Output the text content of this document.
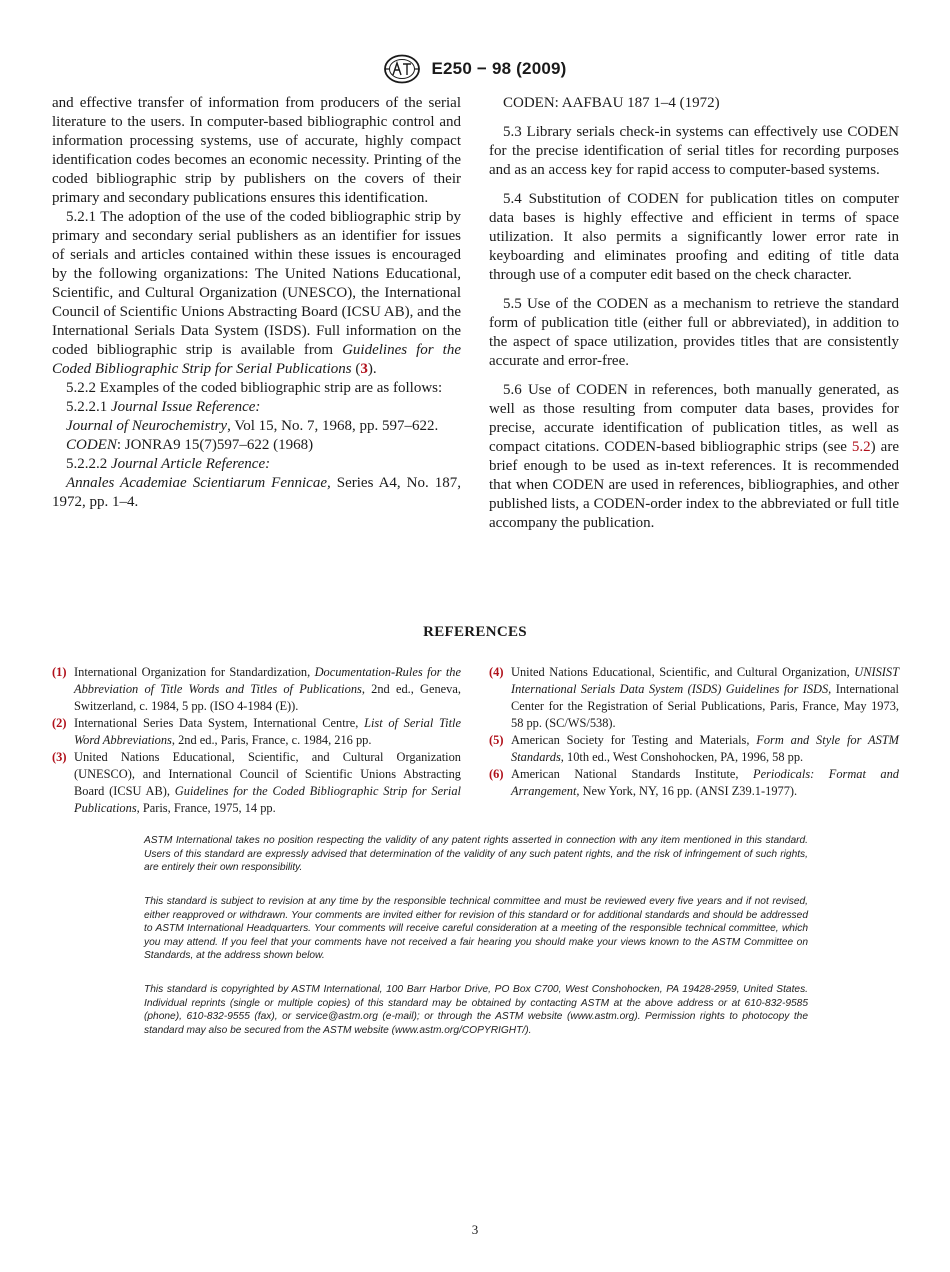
E250 − 98 (2009)

and effective transfer of information from producers of the serial literature to the users. In computer-based bibliographic control and information processing systems, use of accurate, highly compact identification codes becomes an economic necessity. Printing of the coded bibliographic strip by publishers on the covers of their primary and secondary publications ensures this identification.

5.2.1 The adoption of the use of the coded bibliographic strip by primary and secondary serial publishers as an identifier for issues of serials and articles contained within these issues is encouraged by the following organizations: The United Nations Educational, Scientific, and Cultural Organization (UNESCO), the International Council of Scientific Unions Abstracting Board (ICSU AB), and the International Serials Data System (ISDS). Full information on the coded bibliographic strip is available from Guidelines for the Coded Bibliographic Strip for Serial Publications (3).

5.2.2 Examples of the coded bibliographic strip are as follows:

5.2.2.1 Journal Issue Reference:

Journal of Neurochemistry, Vol 15, No. 7, 1968, pp. 597–622.

CODEN: JONRA9 15(7)597–622 (1968)

5.2.2.2 Journal Article Reference:

Annales Academiae Scientiarum Fennicae, Series A4, No. 187, 1972, pp. 1–4.

CODEN: AAFBAU 187 1–4 (1972)

5.3 Library serials check-in systems can effectively use CODEN for the precise identification of serial titles for recording purposes and as an access key for rapid access to computer-based systems.

5.4 Substitution of CODEN for publication titles on computer data bases is highly effective and efficient in terms of space utilization. It also permits a significantly lower error rate in keyboarding and eliminates proofing and editing of title data through use of a computer edit based on the check character.

5.5 Use of the CODEN as a mechanism to retrieve the standard form of publication title (either full or abbreviated), in addition to the aspect of space utilization, provides titles that are consistently accurate and error-free.

5.6 Use of CODEN in references, both manually generated, as well as those resulting from computer data bases, provides for precise, accurate identification of publication titles, as well as compact citations. CODEN-based bibliographic strips (see 5.2) are brief enough to be used as in-text references. It is recommended that when CODEN are used in references, bibliographies, and other published lists, a CODEN-order index to the abbreviated or full title accompany the publication.

REFERENCES
(1) International Organization for Standardization, Documentation-Rules for the Abbreviation of Title Words and Titles of Publications, 2nd ed., Geneva, Switzerland, c. 1984, 5 pp. (ISO 4-1984 (E)).
(2) International Series Data System, International Centre, List of Serial Title Word Abbreviations, 2nd ed., Paris, France, c. 1984, 216 pp.
(3) United Nations Educational, Scientific, and Cultural Organization (UNESCO), and International Council of Scientific Unions Abstracting Board (ICSU AB), Guidelines for the Coded Bibliographic Strip for Serial Publications, Paris, France, 1975, 14 pp.
(4) United Nations Educational, Scientific, and Cultural Organization, UNISIST International Serials Data System (ISDS) Guidelines for ISDS, International Center for the Registration of Serial Publications, Paris, France, May 1973, 58 pp. (SC/WS/538).
(5) American Society for Testing and Materials, Form and Style for ASTM Standards, 10th ed., West Conshohocken, PA, 1996, 58 pp.
(6) American National Standards Institute, Periodicals: Format and Arrangement, New York, NY, 16 pp. (ANSI Z39.1-1977).
ASTM International takes no position respecting the validity of any patent rights asserted in connection with any item mentioned in this standard. Users of this standard are expressly advised that determination of the validity of any such patent rights, and the risk of infringement of such rights, are entirely their own responsibility.
This standard is subject to revision at any time by the responsible technical committee and must be reviewed every five years and if not revised, either reapproved or withdrawn. Your comments are invited either for revision of this standard or for additional standards and should be addressed to ASTM International Headquarters. Your comments will receive careful consideration at a meeting of the responsible technical committee, which you may attend. If you feel that your comments have not received a fair hearing you should make your views known to the ASTM Committee on Standards, at the address shown below.
This standard is copyrighted by ASTM International, 100 Barr Harbor Drive, PO Box C700, West Conshohocken, PA 19428-2959, United States. Individual reprints (single or multiple copies) of this standard may be obtained by contacting ASTM at the above address or at 610-832-9585 (phone), 610-832-9555 (fax), or service@astm.org (e-mail); or through the ASTM website (www.astm.org). Permission rights to photocopy the standard may also be secured from the ASTM website (www.astm.org/COPYRIGHT/).
3
